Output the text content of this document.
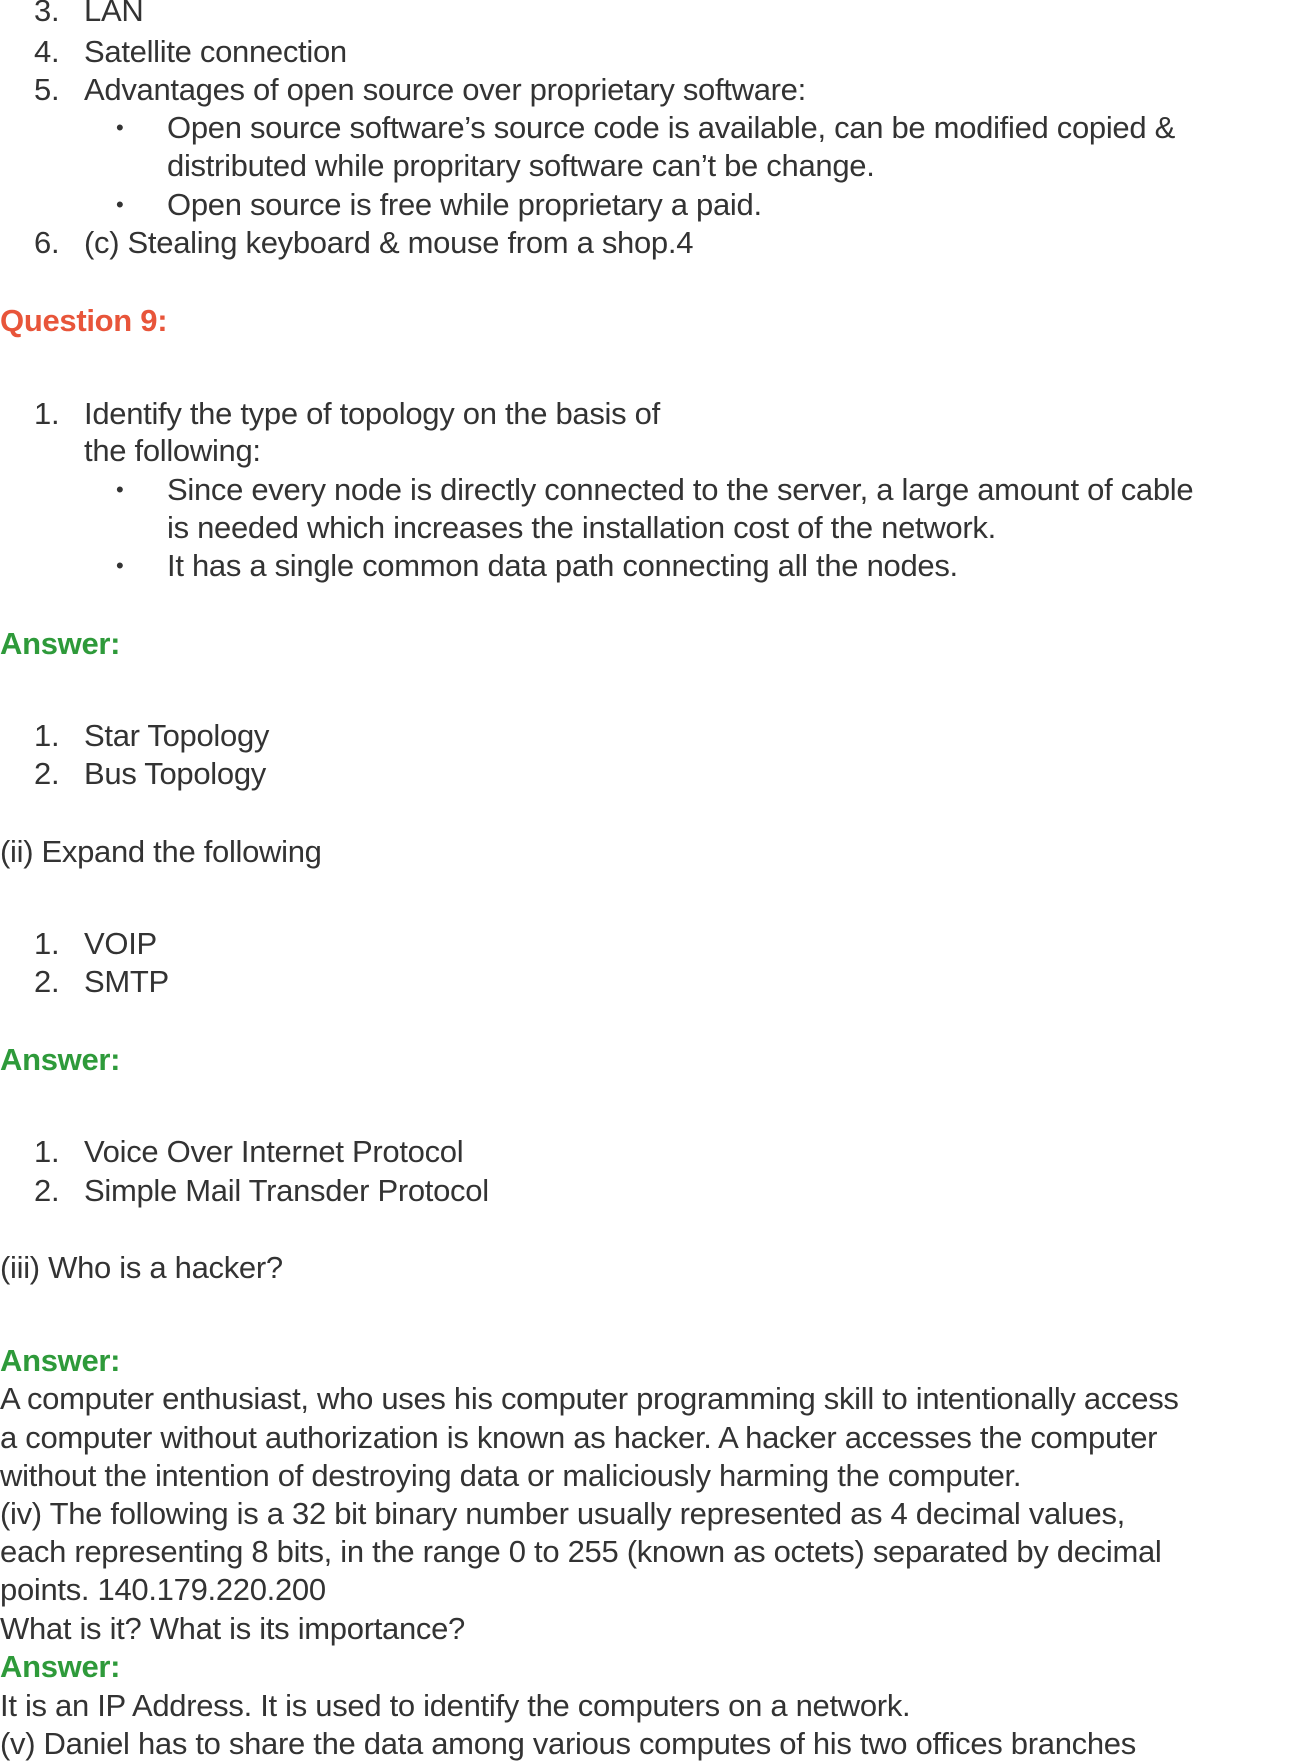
3. LAN
4. Satellite connection
5. Advantages of open source over proprietary software:
• Open source software’s source code is available, can be modified copied &
distributed while propritary software can’t be change.
• Open source is free while proprietary a paid.
6. (c) Stealing keyboard & mouse from a shop.4
Question 9:
1. Identify the type of topology on the basis of
the following:
• Since every node is directly connected to the server, a large amount of cable
is needed which increases the installation cost of the network.
• It has a single common data path connecting all the nodes.
Answer:
1. Star Topology
2. Bus Topology
(ii) Expand the following
1. VOIP
2. SMTP
Answer:
1. Voice Over Internet Protocol
2. Simple Mail Transder Protocol
(iii) Who is a hacker?
Answer:
A computer enthusiast, who uses his computer programming skill to intentionally access
a computer without authorization is known as hacker. A hacker accesses the computer
without the intention of destroying data or maliciously harming the computer.
(iv) The following is a 32 bit binary number usually represented as 4 decimal values,
each representing 8 bits, in the range 0 to 255 (known as octets) separated by decimal
points. 140.179.220.200
What is it? What is its importance?
Answer:
It is an IP Address. It is used to identify the computers on a network.
(v) Daniel has to share the data among various computes of his two offices branches
